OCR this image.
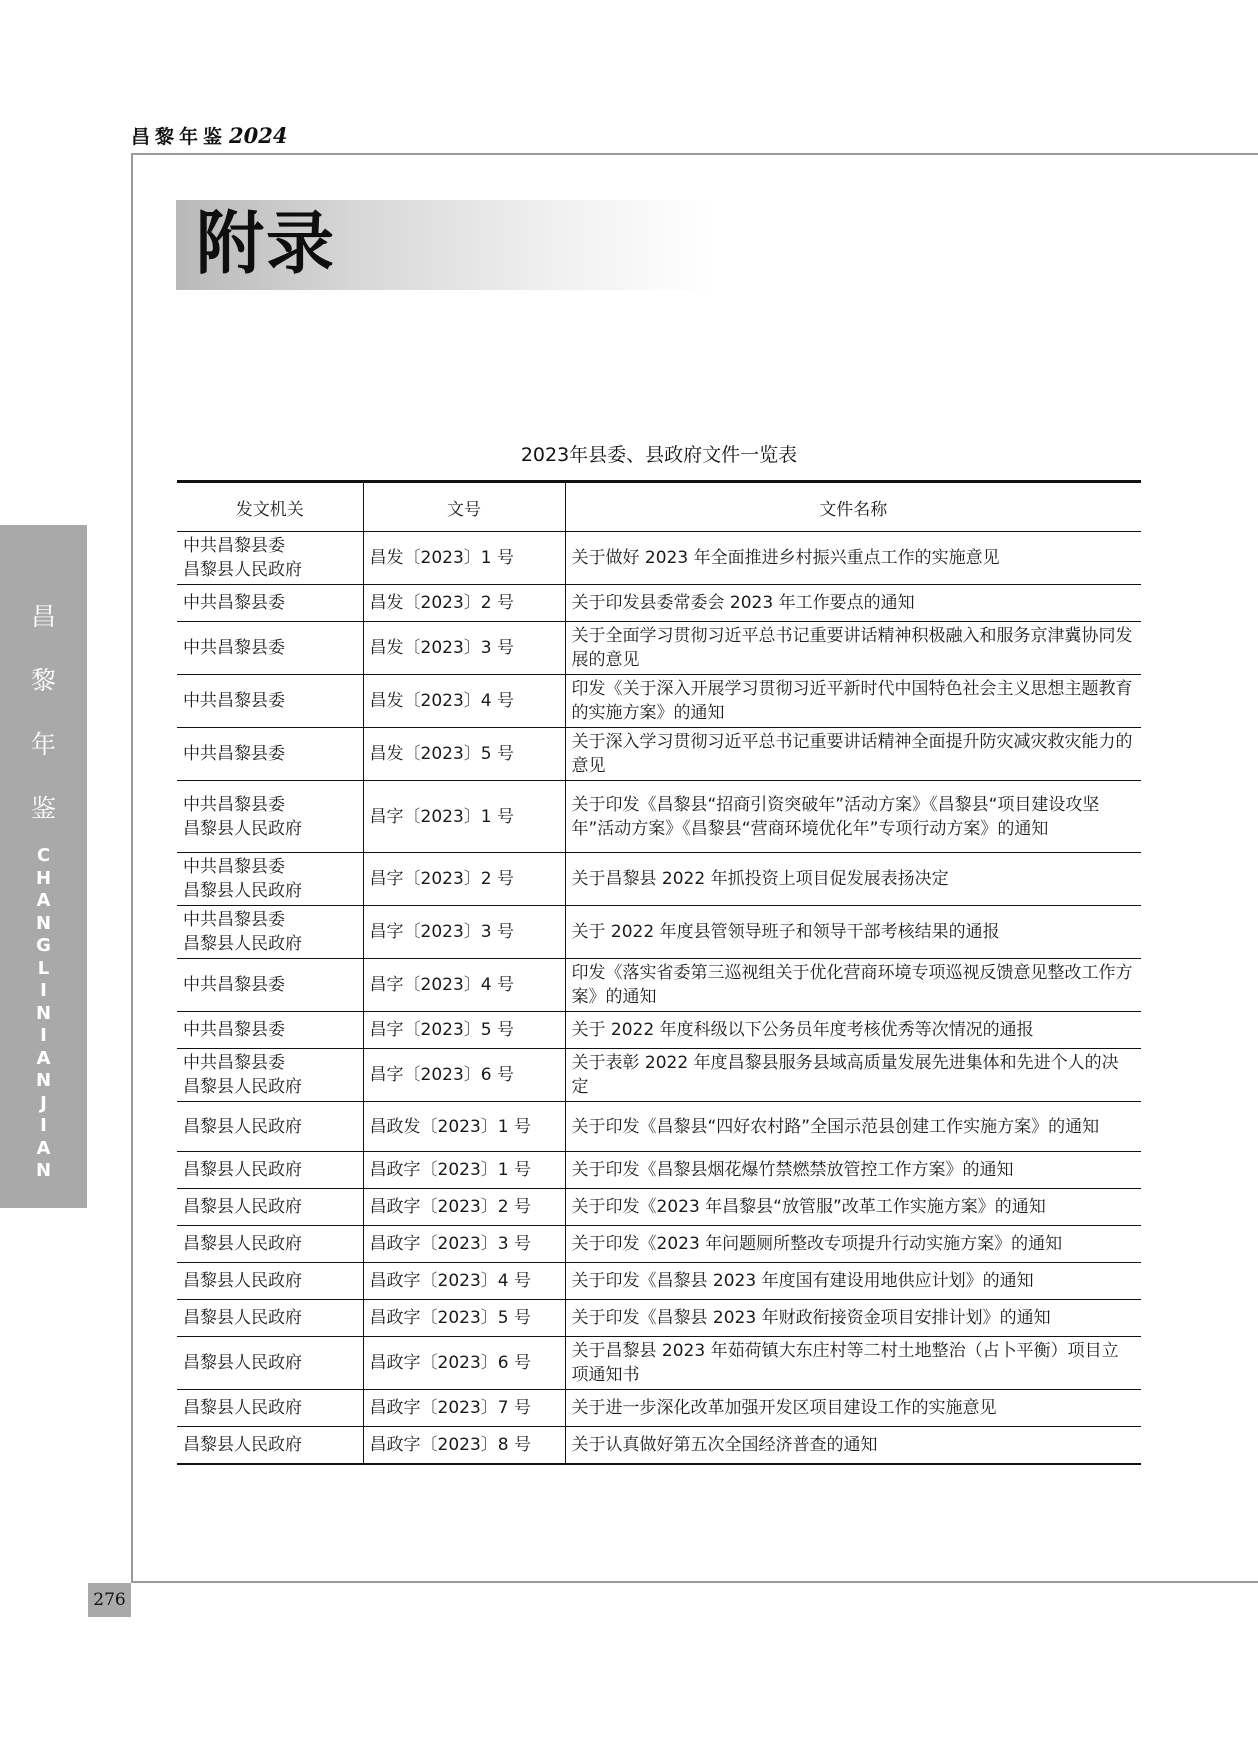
昌黎年鉴2024
昌
黎
年
鉴
C
H
A
N
G
L
I
N
I
A
N
J
I
A
N
附录
2023年县委、县政府文件一览表
发文机关	文号	文件名称

中共昌黎县委
昌黎县人民政府	昌发〔2023〕1 号	关于做好 2023 年全面推进乡村振兴重点工作的实施意见

中共昌黎县委	昌发〔2023〕2 号	关于印发县委常委会 2023 年工作要点的通知

中共昌黎县委	昌发〔2023〕3 号	关于全面学习贯彻习近平总书记重要讲话精神积极融入和服务京津冀协同发展的意见

中共昌黎县委	昌发〔2023〕4 号	印发《关于深入开展学习贯彻习近平新时代中国特色社会主义思想主题教育的实施方案》的通知

中共昌黎县委	昌发〔2023〕5 号	关于深入学习贯彻习近平总书记重要讲话精神全面提升防灾减灾救灾能力的意见

中共昌黎县委
昌黎县人民政府	昌字〔2023〕1 号	关于印发《昌黎县“招商引资突破年”活动方案》《昌黎县“项目建设攻坚年”活动方案》《昌黎县“营商环境优化年”专项行动方案》的通知

中共昌黎县委
昌黎县人民政府	昌字〔2023〕2 号	关于昌黎县 2022 年抓投资上项目促发展表扬决定

中共昌黎县委
昌黎县人民政府	昌字〔2023〕3 号	关于 2022 年度县管领导班子和领导干部考核结果的通报

中共昌黎县委	昌字〔2023〕4 号	印发《落实省委第三巡视组关于优化营商环境专项巡视反馈意见整改工作方案》的通知

中共昌黎县委	昌字〔2023〕5 号	关于 2022 年度科级以下公务员年度考核优秀等次情况的通报

中共昌黎县委
昌黎县人民政府	昌字〔2023〕6 号	关于表彰 2022 年度昌黎县服务县域高质量发展先进集体和先进个人的决定

昌黎县人民政府	昌政发〔2023〕1 号	关于印发《昌黎县“四好农村路”全国示范县创建工作实施方案》的通知

昌黎县人民政府	昌政字〔2023〕1 号	关于印发《昌黎县烟花爆竹禁燃禁放管控工作方案》的通知

昌黎县人民政府	昌政字〔2023〕2 号	关于印发《2023 年昌黎县“放管服”改革工作实施方案》的通知

昌黎县人民政府	昌政字〔2023〕3 号	关于印发《2023 年问题厕所整改专项提升行动实施方案》的通知

昌黎县人民政府	昌政字〔2023〕4 号	关于印发《昌黎县 2023 年度国有建设用地供应计划》的通知

昌黎县人民政府	昌政字〔2023〕5 号	关于印发《昌黎县 2023 年财政衔接资金项目安排计划》的通知

昌黎县人民政府	昌政字〔2023〕6 号	关于昌黎县 2023 年茹荷镇大东庄村等二村土地整治（占卜平衡）项目立项通知书

昌黎县人民政府	昌政字〔2023〕7 号	关于进一步深化改革加强开发区项目建设工作的实施意见

昌黎县人民政府	昌政字〔2023〕8 号	关于认真做好第五次全国经济普查的通知
276
